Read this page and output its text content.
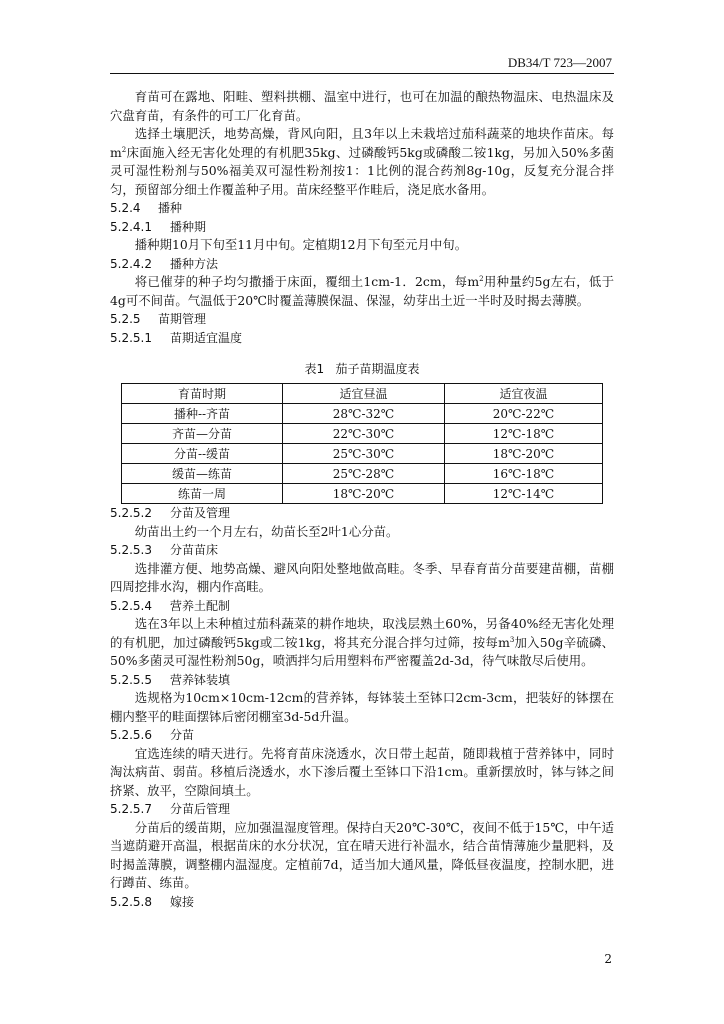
DB34/T 723—2007

育苗可在露地、阳畦、塑料拱棚、温室中进行，也可在加温的酿热物温床、电热温床及穴盘育苗，有条件的可工厂化育苗。

选择土壤肥沃，地势高燥，背风向阳，且3年以上未栽培过茄科蔬菜的地块作苗床。每$m^2$床面施入经无害化处理的有机肥35kg、过磷酸钙5kg或磷酸二铵1kg，另加入50%多菌灵可湿性粉剂与50%福美双可湿性粉剂按1：1比例的混合药剂8g-10g，反复充分混合拌匀，预留部分细土作覆盖种子用。苗床经整平作畦后，浇足底水备用。

5.2.4 播种
5.2.4.1 播种期

播种期10月下旬至11月中旬。定植期12月下旬至元月中旬。

5.2.4.2 播种方法

将已催芽的种子均匀撒播于床面，覆细土1cm-1．2cm，每$m^2$用种量约5g左右，低于4g可不间苗。气温低于20℃时覆盖薄膜保温、保湿，幼芽出土近一半时及时揭去薄膜。

5.2.5 苗期管理
5.2.5.1 苗期适宜温度
表1 茄子苗期温度表
育苗时期	适宜昼温	适宜夜温
播种--齐苗	28℃-32℃	20℃-22℃
齐苗—分苗	22℃-30℃	12℃-18℃
分苗--缓苗	25℃-30℃	18℃-20℃
缓苗—练苗	25℃-28℃	16℃-18℃
练苗一周	18℃-20℃	12℃-14℃
5.2.5.2 分苗及管理

幼苗出土约一个月左右，幼苗长至2叶1心分苗。

5.2.5.3 分苗苗床

选排灌方便、地势高燥、避风向阳处整地做高畦。冬季、早春育苗分苗要建苗棚，苗棚四周挖排水沟，棚内作高畦。

5.2.5.4 营养土配制

选在3年以上未种植过茄科蔬菜的耕作地块，取浅层熟土60%，另备40%经无害化处理的有机肥，加过磷酸钙5kg或二铵1kg，将其充分混合拌匀过筛，按每$m^3$加入50g辛硫磷、50%多菌灵可湿性粉剂50g，喷洒拌匀后用塑料布严密覆盖2d-3d，待气味散尽后使用。

5.2.5.5 营养钵装填

选规格为10cm×10cm-12cm的营养钵，每钵装土至钵口2cm-3cm，把装好的钵摆在棚内整平的畦面摆钵后密闭棚室3d-5d升温。

5.2.5.6 分苗

宜选连续的晴天进行。先将育苗床浇透水，次日带土起苗，随即栽植于营养钵中，同时淘汰病苗、弱苗。移植后浇透水，水下渗后覆土至钵口下沿1cm。重新摆放时，钵与钵之间挤紧、放平，空隙间填土。

5.2.5.7 分苗后管理

分苗后的缓苗期，应加强温湿度管理。保持白天20℃-30℃，夜间不低于15℃，中午适当遮荫避开高温，根据苗床的水分状况，宜在晴天进行补温水，结合苗情薄施少量肥料，及时揭盖薄膜，调整棚内温湿度。定植前7d，适当加大通风量，降低昼夜温度，控制水肥，进行蹲苗、练苗。

5.2.5.8 嫁接
2
